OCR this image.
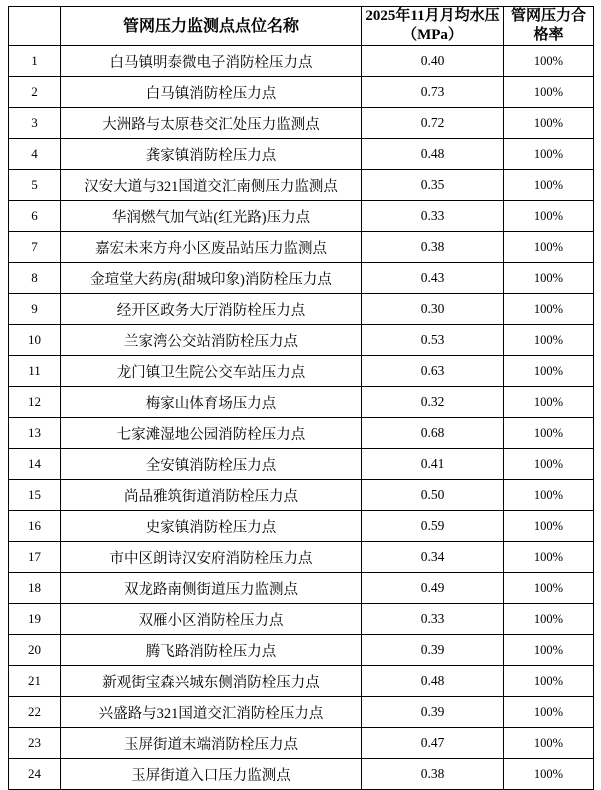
	管网压力监测点点位名称	2025年11月月均水压（MPa）	管网压力合格率
1	白马镇明泰微电子消防栓压力点	0.40	100%
2	白马镇消防栓压力点	0.73	100%
3	大洲路与太原巷交汇处压力监测点	0.72	100%
4	龚家镇消防栓压力点	0.48	100%
5	汉安大道与321国道交汇南侧压力监测点	0.35	100%
6	华润燃气加气站(红光路)压力点	0.33	100%
7	嘉宏未来方舟小区废品站压力监测点	0.38	100%
8	金瑄堂大药房(甜城印象)消防栓压力点	0.43	100%
9	经开区政务大厅消防栓压力点	0.30	100%
10	兰家湾公交站消防栓压力点	0.53	100%
11	龙门镇卫生院公交车站压力点	0.63	100%
12	梅家山体育场压力点	0.32	100%
13	七家滩湿地公园消防栓压力点	0.68	100%
14	全安镇消防栓压力点	0.41	100%
15	尚品雅筑街道消防栓压力点	0.50	100%
16	史家镇消防栓压力点	0.59	100%
17	市中区朗诗汉安府消防栓压力点	0.34	100%
18	双龙路南侧街道压力监测点	0.49	100%
19	双雁小区消防栓压力点	0.33	100%
20	腾飞路消防栓压力点	0.39	100%
21	新观街宝森兴城东侧消防栓压力点	0.48	100%
22	兴盛路与321国道交汇消防栓压力点	0.39	100%
23	玉屏街道末端消防栓压力点	0.47	100%
24	玉屏街道入口压力监测点	0.38	100%
